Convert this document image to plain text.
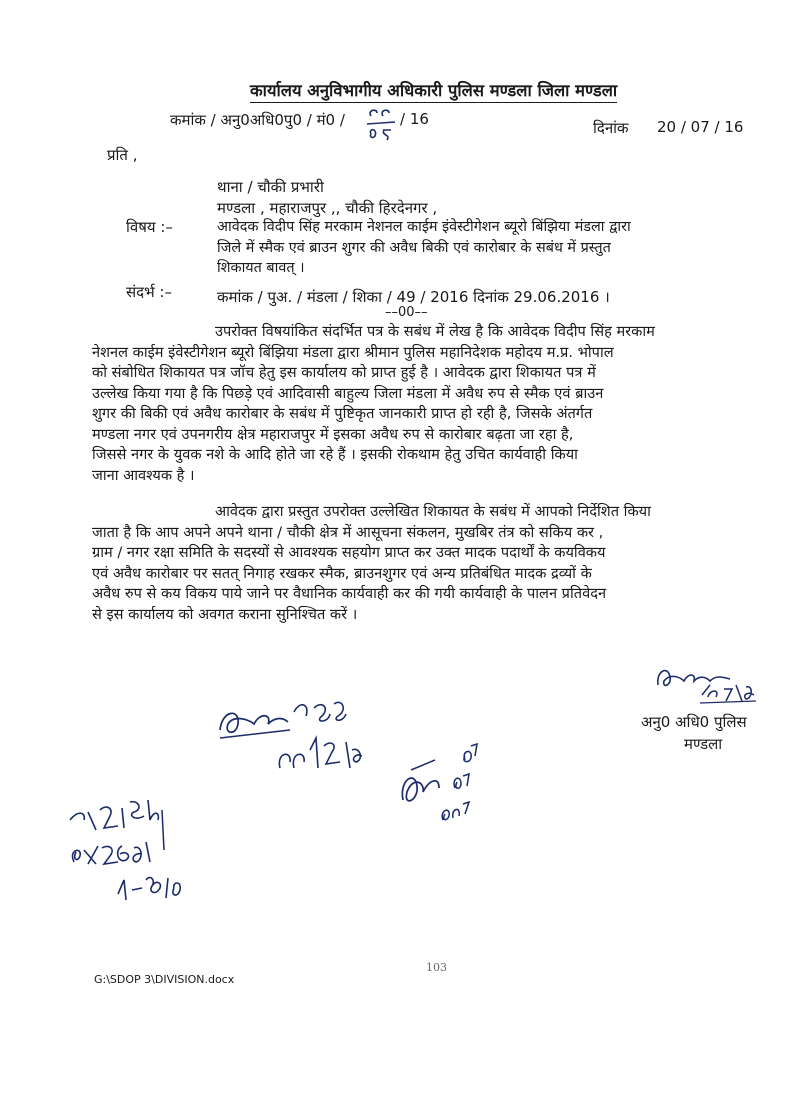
कार्यालय अनुविभागीय अधिकारी पुलिस मण्डला जिला मण्डला
कमांक / अनु0अधि0पु0 / मं0 /	/ 16	दिनांक 20 / 07 / 16
प्रति ,
थाना / चौकी प्रभारी
मण्डला , महाराजपुर ,, चौकी हिरदेनगर ,
विषय :–	आवेदक विदीप सिंह मरकाम नेशनल काईम इंवेस्टीगेशन ब्यूरो बिंझिया मंडला द्वारा
जिले में स्मैक एवं ब्राउन शुगर की अवैध बिकी एवं कारोबार के सबंध में प्रस्तुत
शिकायत बावत् ।
संदर्भ :–	कमांक / पुअ. / मंडला / शिका / 49 / 2016 दिनांक 29.06.2016 ।
––00––
उपरोक्त विषयांकित संदर्भित पत्र के सबंध में लेख है कि आवेदक विदीप सिंह मरकाम
नेशनल काईम इंवेस्टीगेशन ब्यूरो बिंझिया मंडला द्वारा श्रीमान पुलिस महानिदेशक महोदय म.प्र. भोपाल
को संबोधित शिकायत पत्र जॉच हेतु इस कार्यालय को प्राप्त हुई है । आवेदक द्वारा शिकायत पत्र में
उल्लेख किया गया है कि पिछड़े एवं आदिवासी बाहुल्य जिला मंडला में अवैध रुप से स्मैक एवं ब्राउन
शुगर की बिकी एवं अवैध कारोबार के सबंध में पुष्टिकृत जानकारी प्राप्त हो रही है, जिसके अंतर्गत
मण्डला नगर एवं उपनगरीय क्षेत्र महाराजपुर में इसका अवैध रुप से कारोबार बढ़ता जा रहा है,
जिससे नगर के युवक नशे के आदि होते जा रहे हैं । इसकी रोकथाम हेतु उचित कार्यवाही किया
जाना आवश्यक है ।
आवेदक द्वारा प्रस्तुत उपरोक्त उल्लेखित शिकायत के सबंध में आपको निर्देशित किया
जाता है कि आप अपने अपने थाना / चौकी क्षेत्र में आसूचना संकलन, मुखबिर तंत्र को सकिय कर ,
ग्राम / नगर रक्षा समिति के सदस्यों से आवश्यक सहयोग प्राप्त कर उक्त मादक पदार्थों के कयविकय
एवं अवैध कारोबार पर सतत् निगाह रखकर स्मैक, ब्राउनशुगर एवं अन्य प्रतिबंधित मादक द्रव्यों के
अवैध रुप से कय विकय पाये जाने पर वैधानिक कार्यवाही कर की गयी कार्यवाही के पालन प्रतिवेदन
से इस कार्यालय को अवगत कराना सुनिश्चित करें ।
अनु0 अधि0 पुलिस
मण्डला
103
G:\SDOP 3\DIVISION.docx
